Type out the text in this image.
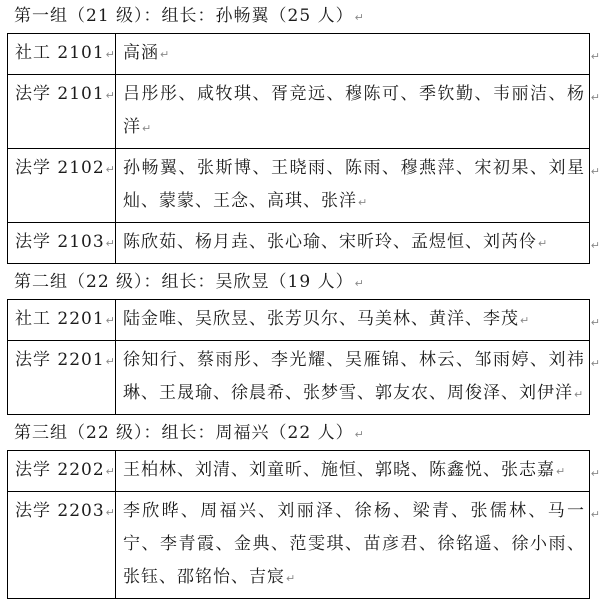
第一组（21 级）：组长：孙畅翼（25 人）↵
社工 2101↵	高涵↵ ↵

法学 2101↵	吕彤彤、咸牧琪、胥竞远、穆陈可、季钦勤、韦丽洁、杨洋↵
↵

法学 2102↵	孙畅翼、张斯博、王晓雨、陈雨、穆燕萍、宋初果、刘星灿、蒙蒙、王念、高琪、张洋↵
↵

法学 2103↵	陈欣茹、杨月垚、张心瑜、宋昕玲、孟煜恒、刘芮伶↵ ↵
第二组（22 级）：组长：吴欣昱（19 人）↵
社工 2201↵	陆金唯、吴欣昱、张芳贝尔、马美林、黄洋、李茂↵ ↵

法学 2201↵	徐知行、蔡雨彤、李光耀、吴雁锦、林云、邹雨婷、刘祎琳、王晟瑜、徐晨希、张梦雪、郭友农、周俊泽、刘伊洋↵
↵
第三组（22 级）：组长：周福兴（22 人）↵
法学 2202↵	王柏林、刘清、刘童昕、施恒、郭晓、陈鑫悦、张志嘉↵ ↵

法学 2203↵	李欣晔、周福兴、刘丽泽、徐杨、梁青、张儒林、马一宁、李青霞、金典、范雯琪、苗彦君、徐铭遥、徐小雨、张钰、邵铭怡、吉宸↵
↵
